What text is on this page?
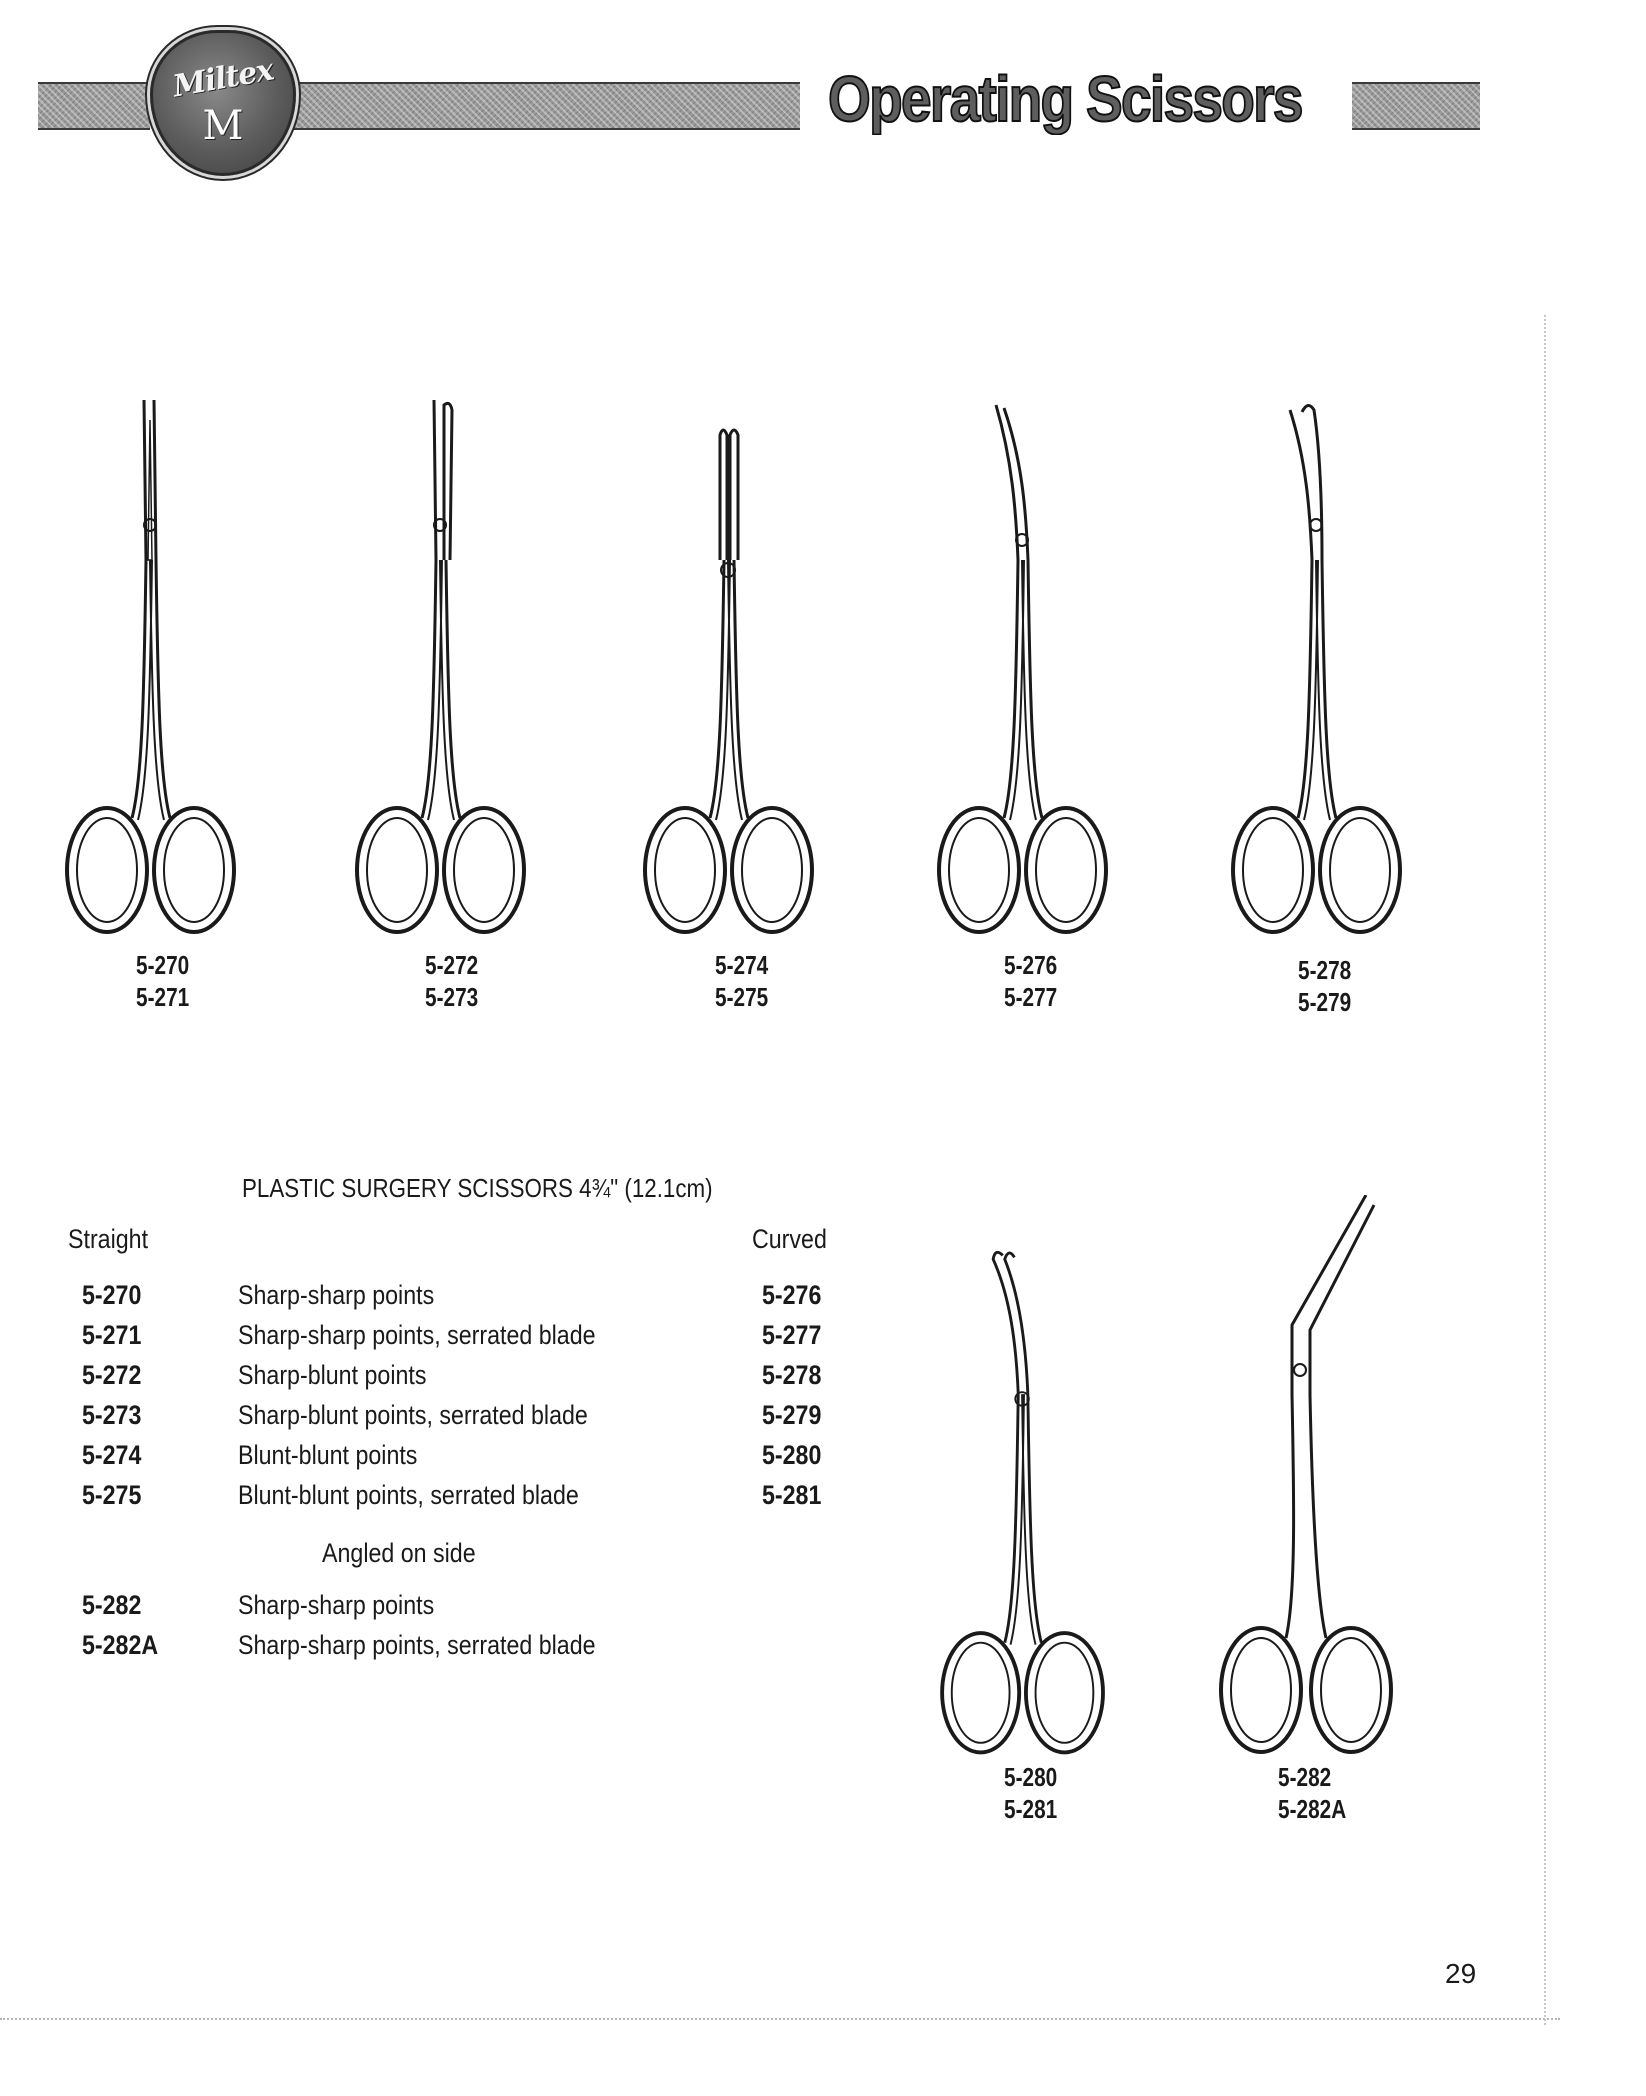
Miltex
M	Operating Scissors
5-270
5-271
5-272
5-273
5-274
5-275
5-276
5-277
5-278
5-279
5-280
5-281
5-282
5-282A
PLASTIC SURGERY SCISSORS 4¾" (12.1cm)
Straight	Curved
5-270	Sharp-sharp points	5-276
5-271	Sharp-sharp points, serrated blade	5-277
5-272	Sharp-blunt points	5-278
5-273	Sharp-blunt points, serrated blade	5-279
5-274	Blunt-blunt points	5-280
5-275	Blunt-blunt points, serrated blade	5-281
Angled on side
5-282	Sharp-sharp points
5-282A	Sharp-sharp points, serrated blade
29
